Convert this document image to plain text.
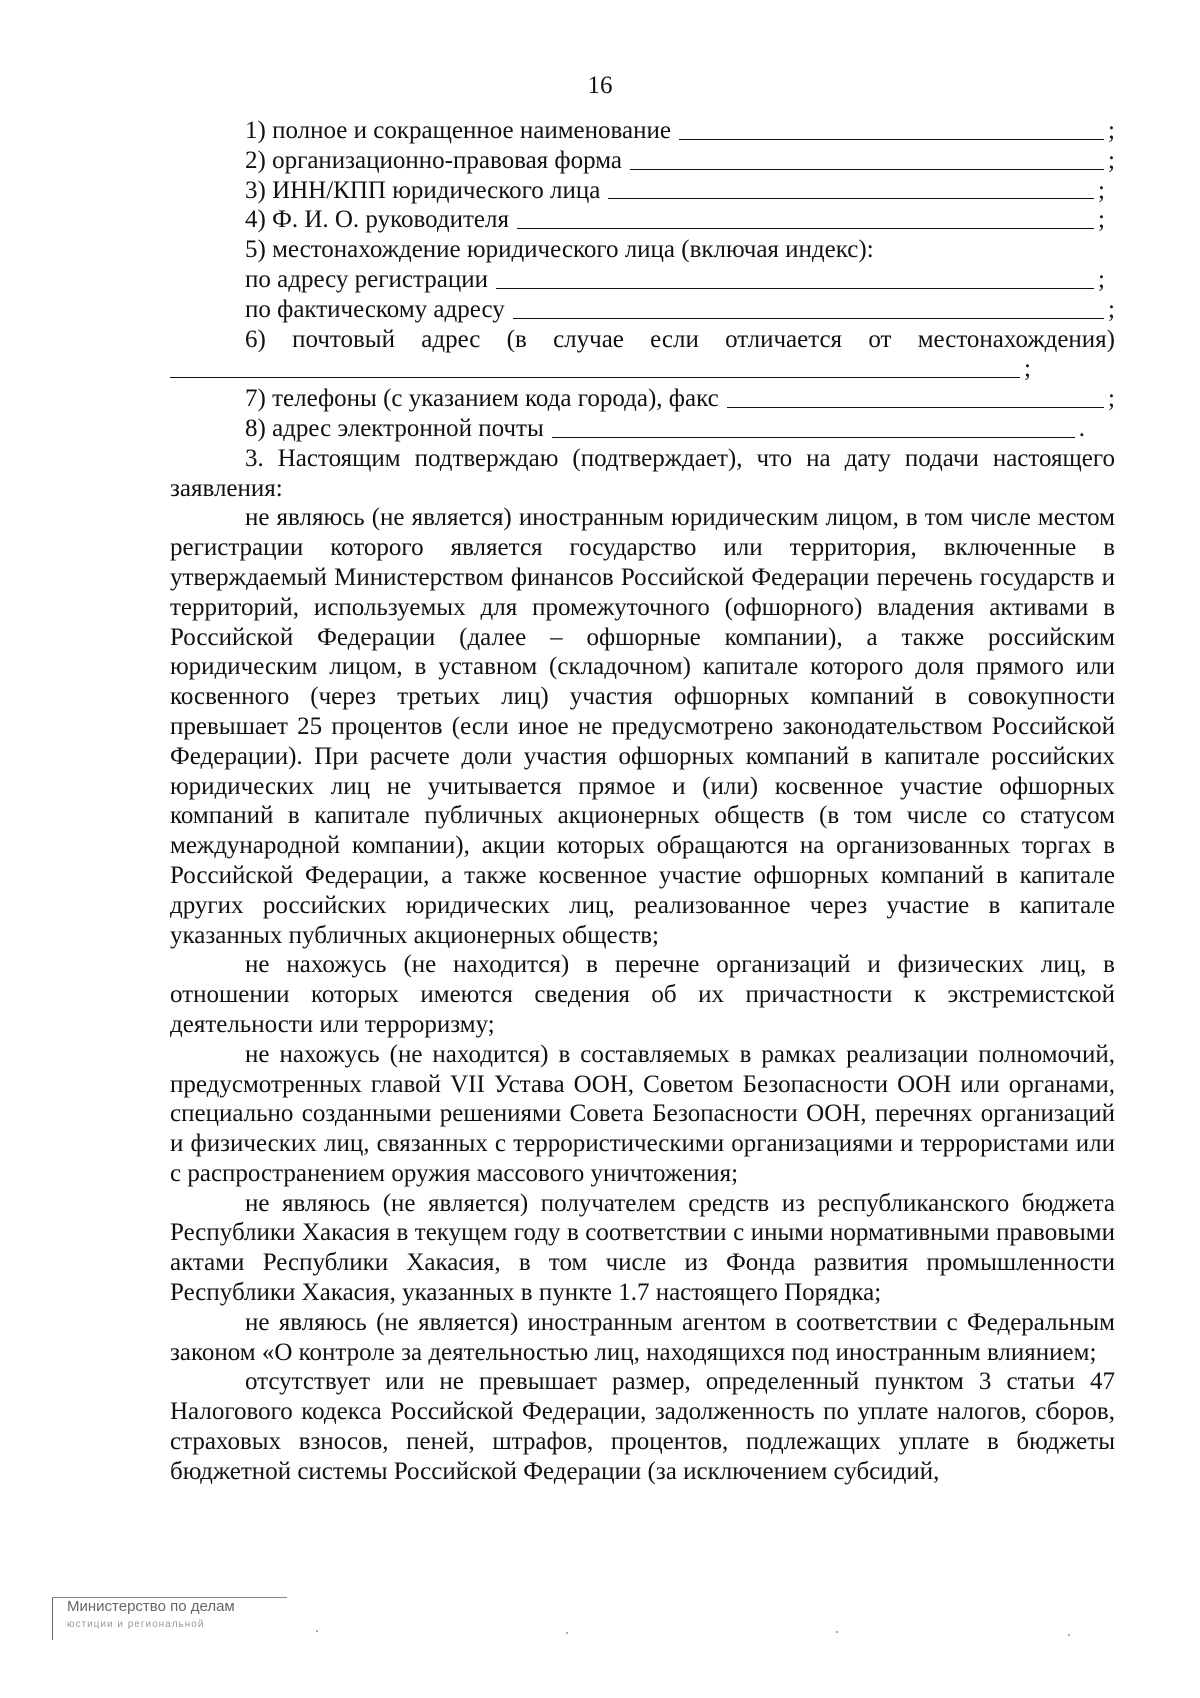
16
1) полное и сокращенное наименование	;
2) организационно-правовая форма	;
3) ИНН/КПП юридического лица	;
4) Ф. И. О. руководителя	;
5) местонахождение юридического лица (включая индекс):
по адресу регистрации	;
по фактическому адресу	;
6) почтовый адрес (в случае если отличается от местонахождения)
;
7) телефоны (с указанием кода города), факс	;
8) адрес электронной почты	.

3. Настоящим подтверждаю (подтверждает), что на дату подачи настоящего заявления:

не являюсь (не является) иностранным юридическим лицом, в том числе местом регистрации которого является государство или территория, включенные в утверждаемый Министерством финансов Российской Федерации перечень государств и территорий, используемых для промежуточного (офшорного) владения активами в Российской Федерации (далее – офшорные компании), а также российским юридическим лицом, в уставном (складочном) капитале которого доля прямого или косвенного (через третьих лиц) участия офшорных компаний в совокупности превышает 25 процентов (если иное не предусмотрено законодательством Российской Федерации). При расчете доли участия офшорных компаний в капитале российских юридических лиц не учитывается прямое и (или) косвенное участие офшорных компаний в капитале публичных акционерных обществ (в том числе со статусом международной компании), акции которых обращаются на организованных торгах в Российской Федерации, а также косвенное участие офшорных компаний в капитале других российских юридических лиц, реализованное через участие в капитале указанных публичных акционерных обществ;

не нахожусь (не находится) в перечне организаций и физических лиц, в отношении которых имеются сведения об их причастности к экстремистской деятельности или терроризму;

не нахожусь (не находится) в составляемых в рамках реализации полномочий, предусмотренных главой VII Устава ООН, Советом Безопасности ООН или органами, специально созданными решениями Совета Безопасности ООН, перечнях организаций и физических лиц, связанных с террористическими организациями и террористами или с распространением оружия массового уничтожения;

не являюсь (не является) получателем средств из республиканского бюджета Республики Хакасия в текущем году в соответствии с иными нормативными правовыми актами Республики Хакасия, в том числе из Фонда развития промышленности Республики Хакасия, указанных в пункте 1.7 настоящего Порядка;

не являюсь (не является) иностранным агентом в соответствии с Федеральным законом «О контроле за деятельностью лиц, находящихся под иностранным влиянием;

отсутствует или не превышает размер, определенный пунктом 3 статьи 47 Налогового кодекса Российской Федерации, задолженность по уплате налогов, сборов, страховых взносов, пеней, штрафов, процентов, подлежащих уплате в бюджеты бюджетной системы Российской Федерации (за исключением субсидий,

Министерство по делам
юстиции и региональной
